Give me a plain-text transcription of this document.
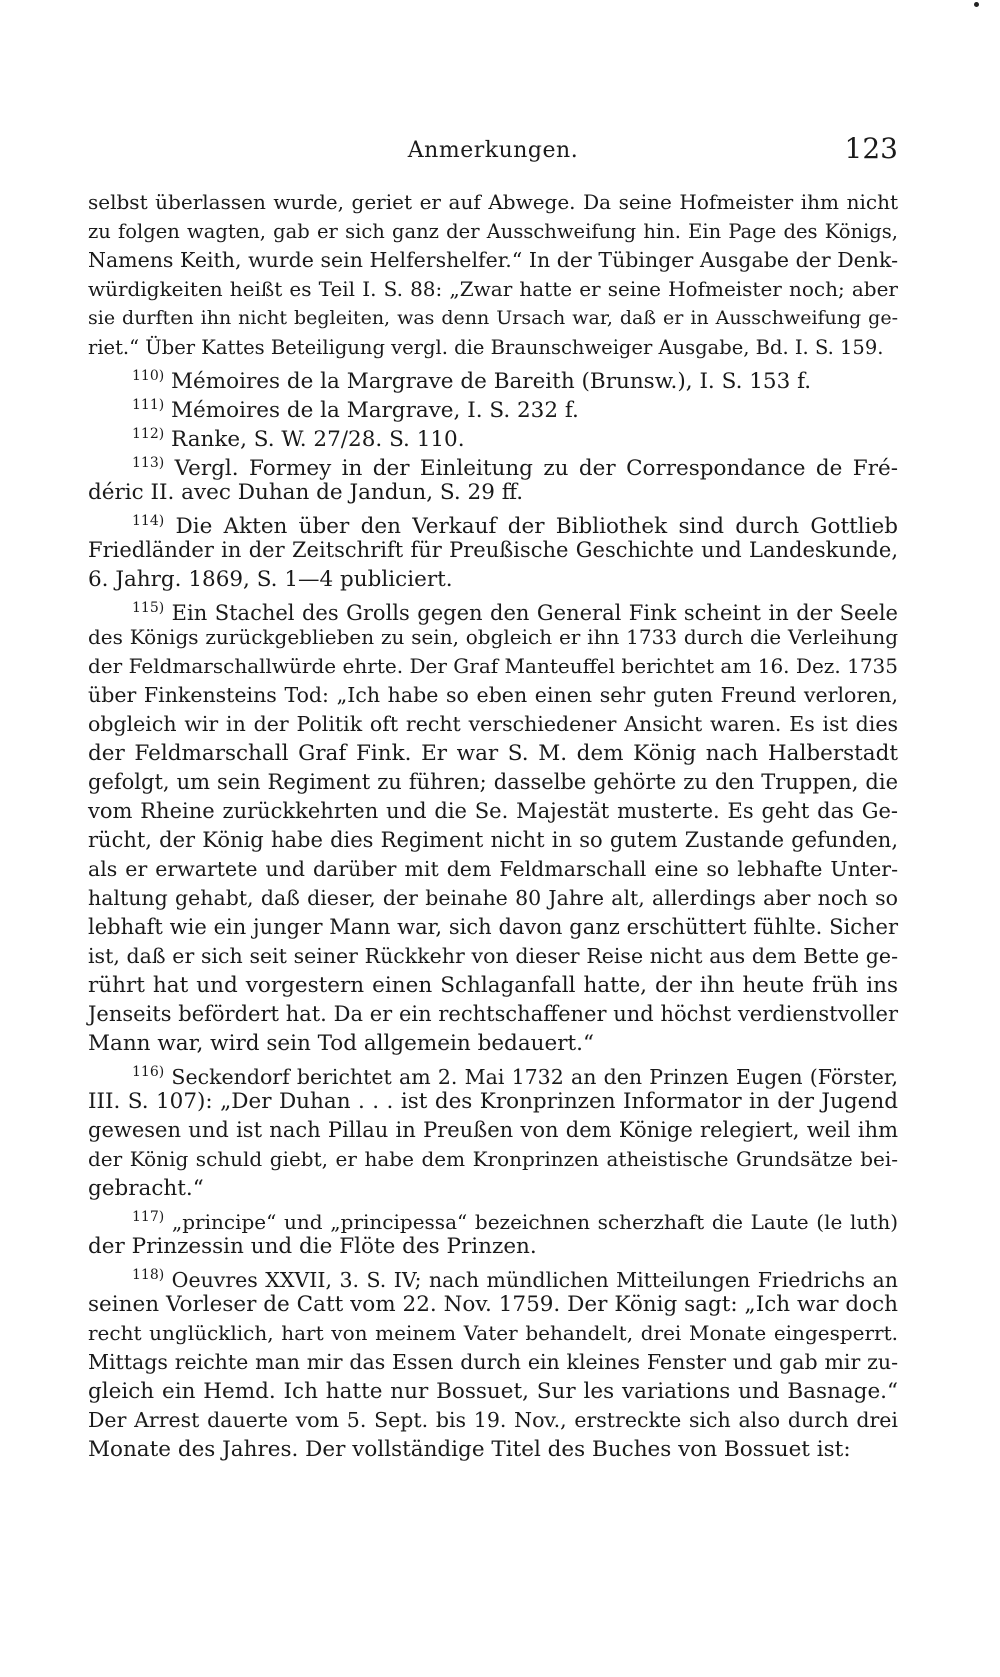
Anmerkungen.	123
selbst überlassen wurde, geriet er auf Abwege. Da seine Hofmeister ihm nicht
zu folgen wagten, gab er sich ganz der Ausschweifung hin. Ein Page des Königs,
Namens Keith, wurde sein Helfershelfer.“ In der Tübinger Ausgabe der Denk-
würdigkeiten heißt es Teil I. S. 88: „Zwar hatte er seine Hofmeister noch; aber
sie durften ihn nicht begleiten, was denn Ursach war, daß er in Ausschweifung ge-
riet.“ Über Kattes Beteiligung vergl. die Braunschweiger Ausgabe, Bd. I. S. 159.
$^{110)}$ Mémoires de la Margrave de Bareith (Brunsw.), I. S. 153 f.
$^{111)}$ Mémoires de la Margrave, I. S. 232 f.
$^{112)}$ Ranke, S. W. 27/28. S. 110.
$^{113)}$ Vergl. Formey in der Einleitung zu der Correspondance de Fré-
déric II. avec Duhan de Jandun, S. 29 ff.
$^{114)}$ Die Akten über den Verkauf der Bibliothek sind durch Gottlieb
Friedländer in der Zeitschrift für Preußische Geschichte und Landeskunde,
6. Jahrg. 1869, S. 1—4 publiciert.
$^{115)}$ Ein Stachel des Grolls gegen den General Fink scheint in der Seele
des Königs zurückgeblieben zu sein, obgleich er ihn 1733 durch die Verleihung
der Feldmarschallwürde ehrte. Der Graf Manteuffel berichtet am 16. Dez. 1735
über Finkensteins Tod: „Ich habe so eben einen sehr guten Freund verloren,
obgleich wir in der Politik oft recht verschiedener Ansicht waren. Es ist dies
der Feldmarschall Graf Fink. Er war S. M. dem König nach Halberstadt
gefolgt, um sein Regiment zu führen; dasselbe gehörte zu den Truppen, die
vom Rheine zurückkehrten und die Se. Majestät musterte. Es geht das Ge-
rücht, der König habe dies Regiment nicht in so gutem Zustande gefunden,
als er erwartete und darüber mit dem Feldmarschall eine so lebhafte Unter-
haltung gehabt, daß dieser, der beinahe 80 Jahre alt, allerdings aber noch so
lebhaft wie ein junger Mann war, sich davon ganz erschüttert fühlte. Sicher
ist, daß er sich seit seiner Rückkehr von dieser Reise nicht aus dem Bette ge-
rührt hat und vorgestern einen Schlaganfall hatte, der ihn heute früh ins
Jenseits befördert hat. Da er ein rechtschaffener und höchst verdienstvoller
Mann war, wird sein Tod allgemein bedauert.“
$^{116)}$ Seckendorf berichtet am 2. Mai 1732 an den Prinzen Eugen (Förster,
III. S. 107): „Der Duhan . . . ist des Kronprinzen Informator in der Jugend
gewesen und ist nach Pillau in Preußen von dem Könige relegiert, weil ihm
der König schuld giebt, er habe dem Kronprinzen atheistische Grundsätze bei-
gebracht.“
$^{117)}$ „principe“ und „principessa“ bezeichnen scherzhaft die Laute (le luth)
der Prinzessin und die Flöte des Prinzen.
$^{118)}$ Oeuvres XXVII, 3. S. IV; nach mündlichen Mitteilungen Friedrichs an
seinen Vorleser de Catt vom 22. Nov. 1759. Der König sagt: „Ich war doch
recht unglücklich, hart von meinem Vater behandelt, drei Monate eingesperrt.
Mittags reichte man mir das Essen durch ein kleines Fenster und gab mir zu-
gleich ein Hemd. Ich hatte nur Bossuet, Sur les variations und Basnage.“
Der Arrest dauerte vom 5. Sept. bis 19. Nov., erstreckte sich also durch drei
Monate des Jahres. Der vollständige Titel des Buches von Bossuet ist:
